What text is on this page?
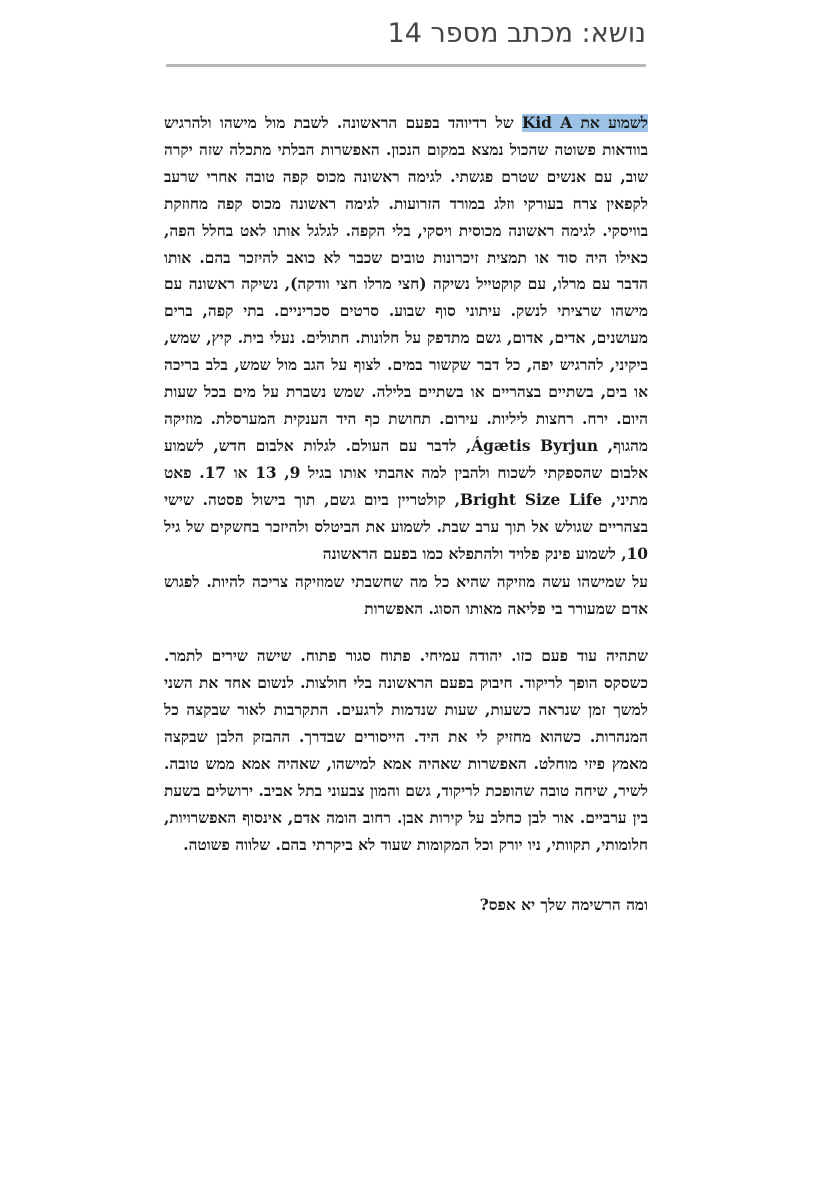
נושא: מכתב מספר 14

לשמוע את Kid A של רדיוהד בפעם הראשונה. לשבת מול מישהו ולהרגיש בוודאות פשוטה שהכול נמצא במקום הנכון. האפשרות הבלתי מתכלה שזה יקרה שוב, עם אנשים שטרם פגשתי. לגימה ראשונה מכוס קפה טובה אחרי שרעב לקפאין צרח בעורקי וזלג במורד הזרועות. לגימה ראשונה מכוס קפה מחוזקת בוויסקי. לגימה ראשונה מכוסית ויסקי, בלי הקפה. לגלגל אותו לאט בחלל הפה, כאילו היה סוד או תמצית זיכרונות טובים שכבר לא כואב להיזכר בהם. אותו הדבר עם מרלו, עם קוקטייל נשיקה (חצי מרלו חצי וודקה), נשיקה ראשונה עם מישהו שרציתי לנשק. עיתוני סוף שבוע. סרטים סכריניים. בתי קפה, ברים מעושנים, אדים, אדום, גשם מתדפק על חלונות. חתולים. נעלי בית. קיץ, שמש, ביקיני, להרגיש יפה, כל דבר שקשור במים. לצוף על הגב מול שמש, בלב בריכה או בים, בשתיים בצהריים או בשתיים בלילה. שמש נשברת על מים בכל שעות היום. ירח. רחצות ליליות. עירום. תחושת כף היד הענקית המערסלת. מוזיקה מהגוף, Ágætis Byrjun, לדבר עם העולם. לגלות אלבום חדש, לשמוע אלבום שהספקתי לשכוח ולהבין למה אהבתי אותו בגיל 9, 13 או 17. פאט מתיני, Bright Size Life, קולטריין ביום גשם, תוך בישול פסטה. שישי בצהריים שגולש אל תוך ערב שבת. לשמוע את הביטלס ולהיזכר בחשקים של גיל 10, לשמוע פינק פלויד ולהתפלא כמו בפעם הראשונה

על שמישהו עשה מוזיקה שהיא כל מה שחשבתי שמוזיקה צריכה להיות. לפגוש אדם שמעורר בי פליאה מאותו הסוג. האפשרות

שתהיה עוד פעם כזו. יהודה עמיחי. פתוח סגור פתוח. שישה שירים לתמר. כשסקס הופך לריקוד. חיבוק בפעם הראשונה בלי חולצות. לנשום אחד את השני למשך זמן שנראה כשעות, שעות שנדמות לרגעים. התקרבות לאור שבקצה כל המנהרות. כשהוא מחזיק לי את היד. הייסורים שבדרך. ההבזק הלבן שבקצה מאמץ פיזי מוחלט. האפשרות שאהיה אמא למישהו, שאהיה אמא ממש טובה. לשיר, שיחה טובה שהופכת לריקוד, גשם והמון צבעוני בתל אביב. ירושלים בשעת בין ערביים. אור לבן כחלב על קירות אבן. רחוב הומה אדם, אינסוף האפשרויות, חלומותי, תקוותי, ניו יורק וכל המקומות שעוד לא ביקרתי בהם. שלווה פשוטה.

ומה הרשימה שלך יא אפס?
